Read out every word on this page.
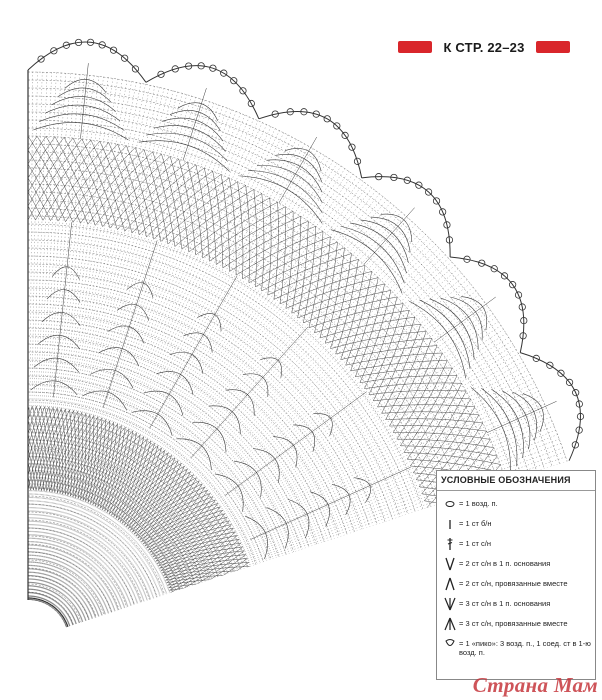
К СТР. 22–23
УСЛОВНЫЕ ОБОЗНАЧЕНИЯ
= 1 возд. п.
= 1 ст б/н
= 1 ст с/н
= 2 ст с/н в 1 п. основания
= 2 ст с/н, провязанные вместе
= 3 ст с/н в 1 п. основания
= 3 ст с/н, провязанные вместе
= 1 «пико»: 3 возд. п., 1 соед. ст в 1-ю возд. п.
Страна Мам
